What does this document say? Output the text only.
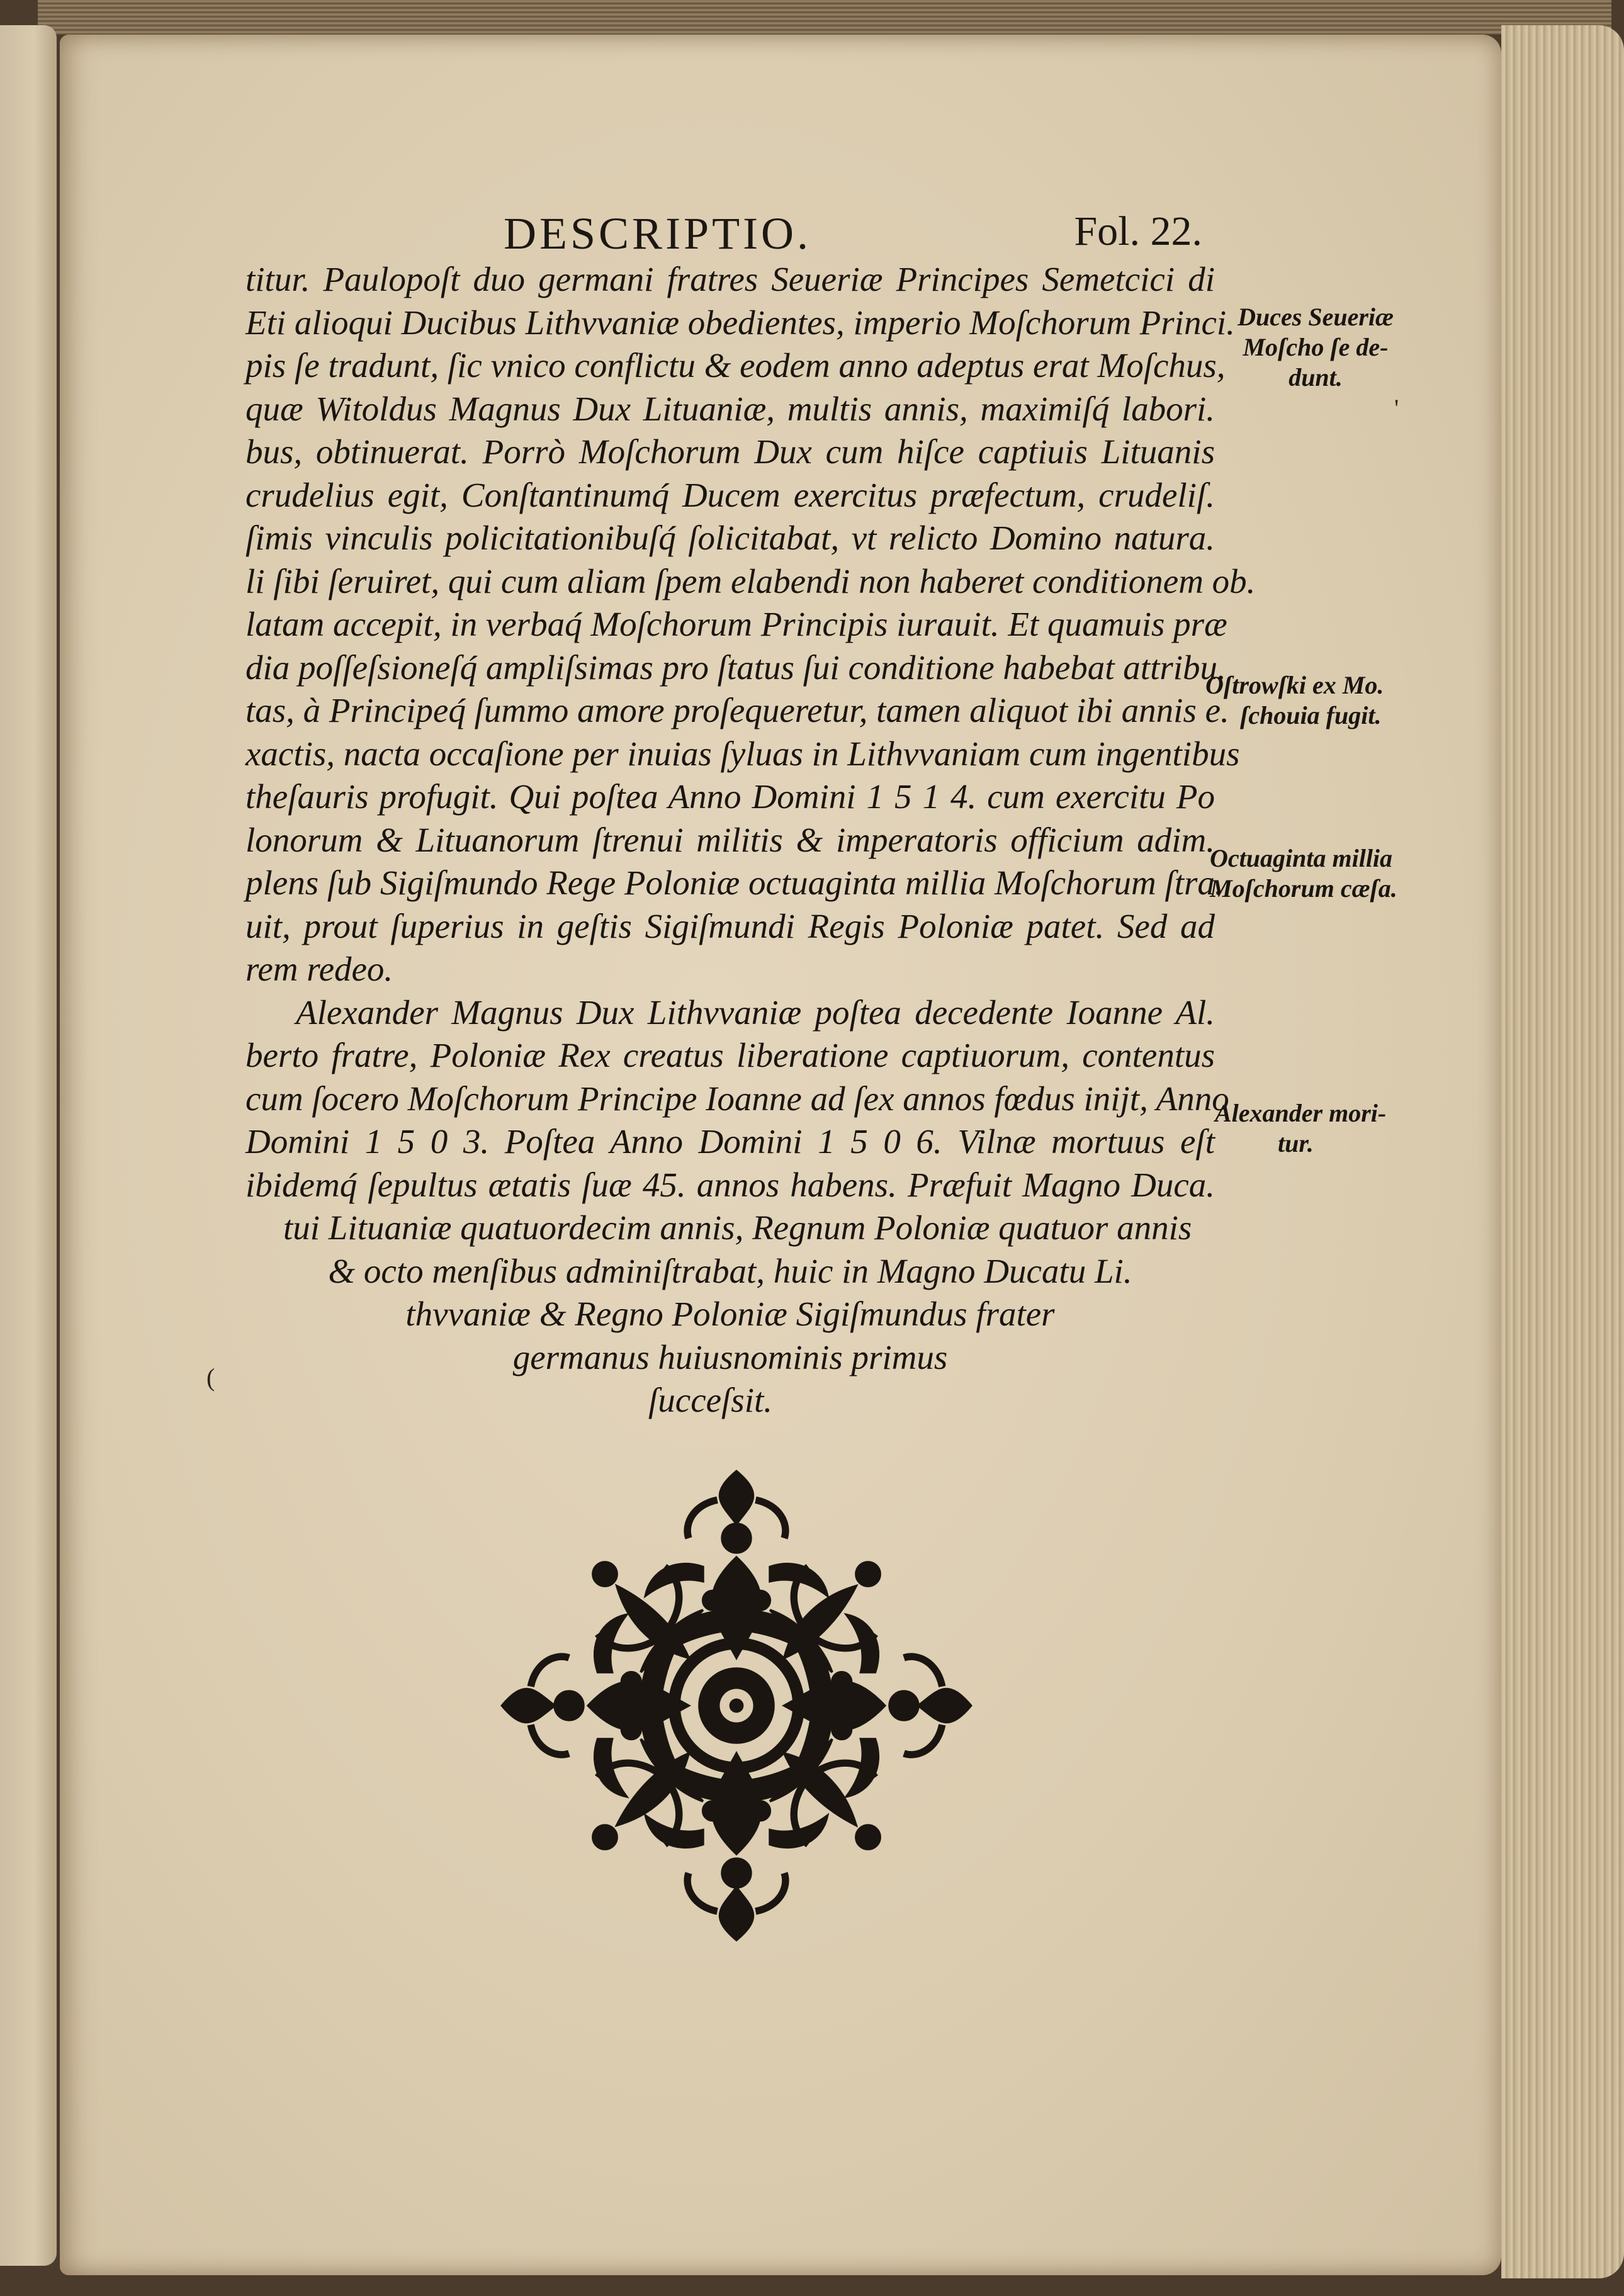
DESCRIPTIO.	Fol. 22.
titur. Paulopoſt duo germani fratres Seueriæ Principes Semetcici di
Eti alioqui Ducibus Lithvvaniæ obedientes, imperio Moſchorum Princi.
pis ſe tradunt, ſic vnico conflictu & eodem anno adeptus erat Moſchus,
quæ Witoldus Magnus Dux Lituaniæ, multis annis, maximiſq́ labori.
bus, obtinuerat. Porrò Moſchorum Dux cum hiſce captiuis Lituanis
crudelius egit, Conſtantinumq́ Ducem exercitus præfectum, crudeliſ.
ſimis vinculis policitationibuſq́ ſolicitabat, vt relicto Domino natura.
li ſibi ſeruiret, qui cum aliam ſpem elabendi non haberet conditionem ob.
latam accepit, in verbaq́ Moſchorum Principis iurauit. Et quamuis præ
dia poſſeſsioneſq́ ampliſsimas pro ſtatus ſui conditione habebat attribu.
tas, à Principeq́ ſummo amore proſequeretur, tamen aliquot ibi annis e.
xactis, nacta occaſione per inuias ſyluas in Lithvvaniam cum ingentibus
theſauris profugit. Qui poſtea Anno Domini 1 5 1 4. cum exercitu Po
lonorum & Lituanorum ſtrenui militis & imperatoris officium adim.
plens ſub Sigiſmundo Rege Poloniæ octuaginta millia Moſchorum ſtra.
uit, prout ſuperius in geſtis Sigiſmundi Regis Poloniæ patet. Sed ad
rem redeo.
Alexander Magnus Dux Lithvvaniæ poſtea decedente Ioanne Al.
berto fratre, Poloniæ Rex creatus liberatione captiuorum, contentus
cum ſocero Moſchorum Principe Ioanne ad ſex annos fœdus inijt, Anno
Domini 1 5 0 3. Poſtea Anno Domini 1 5 0 6. Vilnæ mortuus eſt
ibidemq́ ſepultus ætatis ſuæ 45. annos habens. Præfuit Magno Duca.
tui Lituaniæ quatuordecim annis, Regnum Poloniæ quatuor annis
& octo menſibus adminiſtrabat, huic in Magno Ducatu Li.
thvvaniæ & Regno Poloniæ Sigiſmundus frater
germanus huiusnominis primus
ſucceſsit.
Duces Seueriæ
Moſcho ſe de-
dunt.
Oſtrowſki ex Mo.
ſchouia fugit.
Octuaginta millia
Moſchorum cæſa.
Alexander mori-
tur.
'
(
